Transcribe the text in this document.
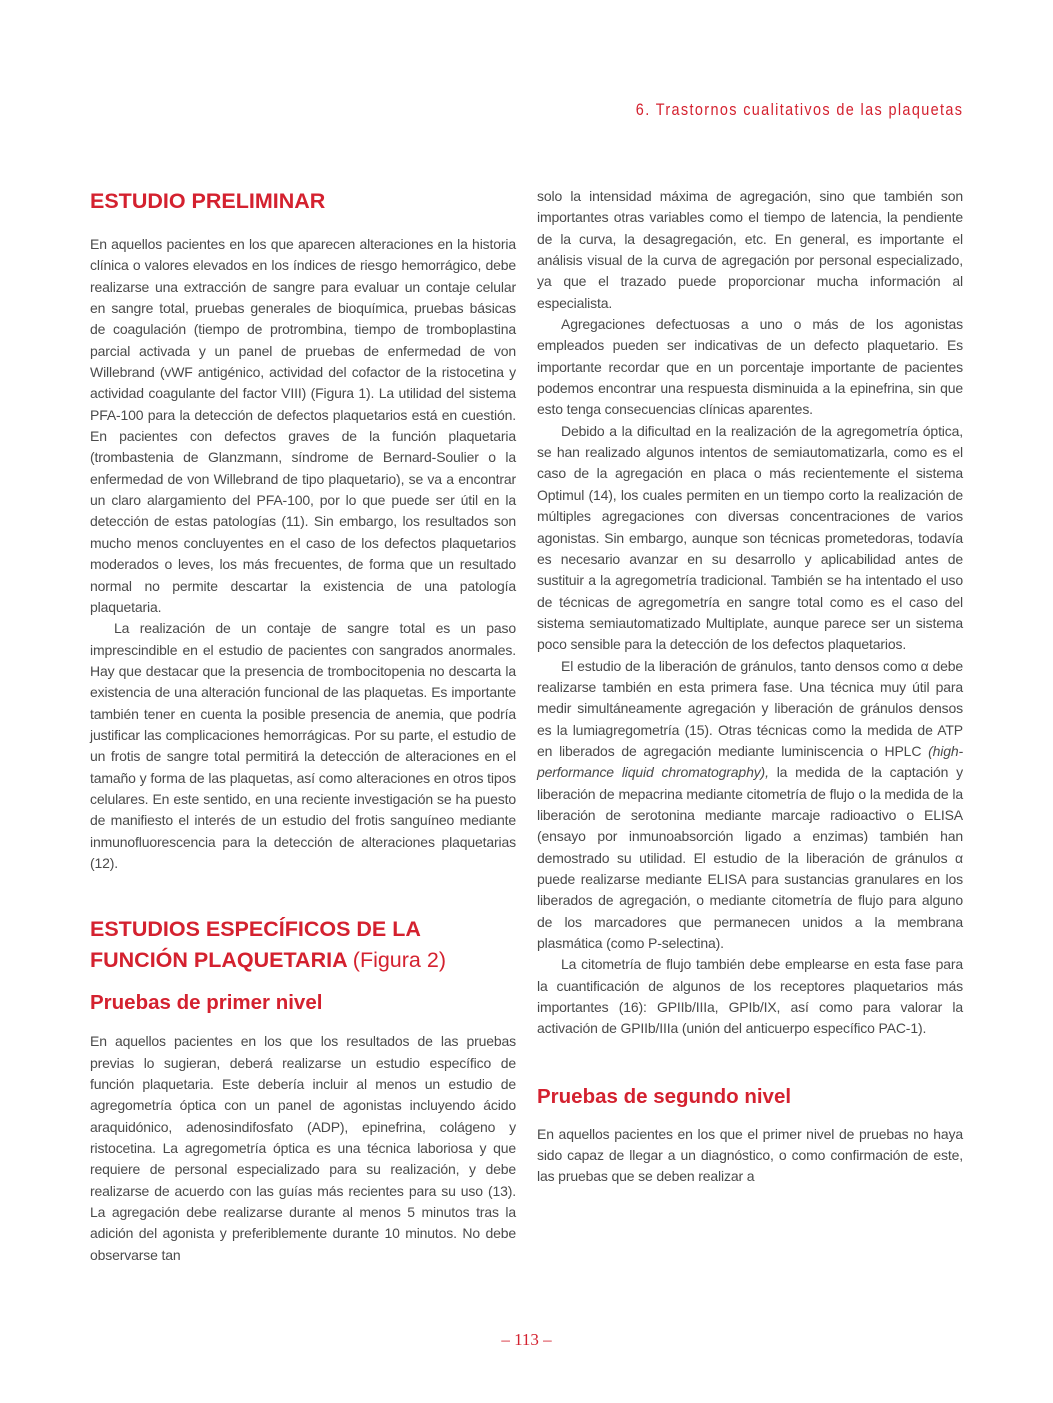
6. Trastornos cualitativos de las plaquetas
ESTUDIO PRELIMINAR

En aquellos pacientes en los que aparecen alteraciones en la historia clínica o valores elevados en los índices de riesgo hemorrágico, debe realizarse una extracción de sangre para evaluar un contaje celular en sangre total, pruebas generales de bioquímica, pruebas básicas de coagulación (tiempo de protrombina, tiempo de tromboplastina parcial activada y un panel de pruebas de enfermedad de von Willebrand (vWF antigénico, actividad del cofactor de la ristocetina y actividad coagulante del factor VIII) (Figura 1). La utilidad del sistema PFA-100 para la detección de defectos plaquetarios está en cuestión. En pacientes con defectos graves de la función plaquetaria (trombastenia de Glanzmann, síndrome de Bernard-Soulier o la enfermedad de von Willebrand de tipo plaquetario), se va a encontrar un claro alargamiento del PFA-100, por lo que puede ser útil en la detección de estas patologías (11). Sin embargo, los resultados son mucho menos concluyentes en el caso de los defectos plaquetarios moderados o leves, los más frecuentes, de forma que un resultado normal no permite descartar la existencia de una patología plaquetaria.

La realización de un contaje de sangre total es un paso imprescindible en el estudio de pacientes con sangrados anormales. Hay que destacar que la presencia de trombocitopenia no descarta la existencia de una alteración funcional de las plaquetas. Es importante también tener en cuenta la posible presencia de anemia, que podría justificar las complicaciones hemorrágicas. Por su parte, el estudio de un frotis de sangre total permitirá la detección de alteraciones en el tamaño y forma de las plaquetas, así como alteraciones en otros tipos celulares. En este sentido, en una reciente investigación se ha puesto de manifiesto el interés de un estudio del frotis sanguíneo mediante inmunofluorescencia para la detección de alteraciones plaquetarias (12).

ESTUDIOS ESPECÍFICOS DE LA FUNCIÓN PLAQUETARIA (Figura 2)
Pruebas de primer nivel

En aquellos pacientes en los que los resultados de las pruebas previas lo sugieran, deberá realizarse un estudio específico de función plaquetaria. Este debería incluir al menos un estudio de agregometría óptica con un panel de agonistas incluyendo ácido araquidónico, adenosindifosfato (ADP), epinefrina, colágeno y ristocetina. La agregometría óptica es una técnica laboriosa y que requiere de personal especializado para su realización, y debe realizarse de acuerdo con las guías más recientes para su uso (13). La agregación debe realizarse durante al menos 5 minutos tras la adición del agonista y preferiblemente durante 10 minutos. No debe observarse tan

solo la intensidad máxima de agregación, sino que también son importantes otras variables como el tiempo de latencia, la pendiente de la curva, la desagregación, etc. En general, es importante el análisis visual de la curva de agregación por personal especializado, ya que el trazado puede proporcionar mucha información al especialista.

Agregaciones defectuosas a uno o más de los agonistas empleados pueden ser indicativas de un defecto plaquetario. Es importante recordar que en un porcentaje importante de pacientes podemos encontrar una respuesta disminuida a la epinefrina, sin que esto tenga consecuencias clínicas aparentes.

Debido a la dificultad en la realización de la agregometría óptica, se han realizado algunos intentos de semiautomatizarla, como es el caso de la agregación en placa o más recientemente el sistema Optimul (14), los cuales permiten en un tiempo corto la realización de múltiples agregaciones con diversas concentraciones de varios agonistas. Sin embargo, aunque son técnicas prometedoras, todavía es necesario avanzar en su desarrollo y aplicabilidad antes de sustituir a la agregometría tradicional. También se ha intentado el uso de técnicas de agregometría en sangre total como es el caso del sistema semiautomatizado Multiplate, aunque parece ser un sistema poco sensible para la detección de los defectos plaquetarios.

El estudio de la liberación de gránulos, tanto densos como α debe realizarse también en esta primera fase. Una técnica muy útil para medir simultáneamente agregación y liberación de gránulos densos es la lumiagregometría (15). Otras técnicas como la medida de ATP en liberados de agregación mediante luminiscencia o HPLC (high-performance liquid chromatography), la medida de la captación y liberación de mepacrina mediante citometría de flujo o la medida de la liberación de serotonina mediante marcaje radioactivo o ELISA (ensayo por inmunoabsorción ligado a enzimas) también han demostrado su utilidad. El estudio de la liberación de gránulos α puede realizarse mediante ELISA para sustancias granulares en los liberados de agregación, o mediante citometría de flujo para alguno de los marcadores que permanecen unidos a la membrana plasmática (como P-selectina).

La citometría de flujo también debe emplearse en esta fase para la cuantificación de algunos de los receptores plaquetarios más importantes (16): GPIIb/IIIa, GPIb/IX, así como para valorar la activación de GPIIb/IIIa (unión del anticuerpo específico PAC-1).

Pruebas de segundo nivel

En aquellos pacientes en los que el primer nivel de pruebas no haya sido capaz de llegar a un diagnóstico, o como confirmación de este, las pruebas que se deben realizar a

– 113 –
